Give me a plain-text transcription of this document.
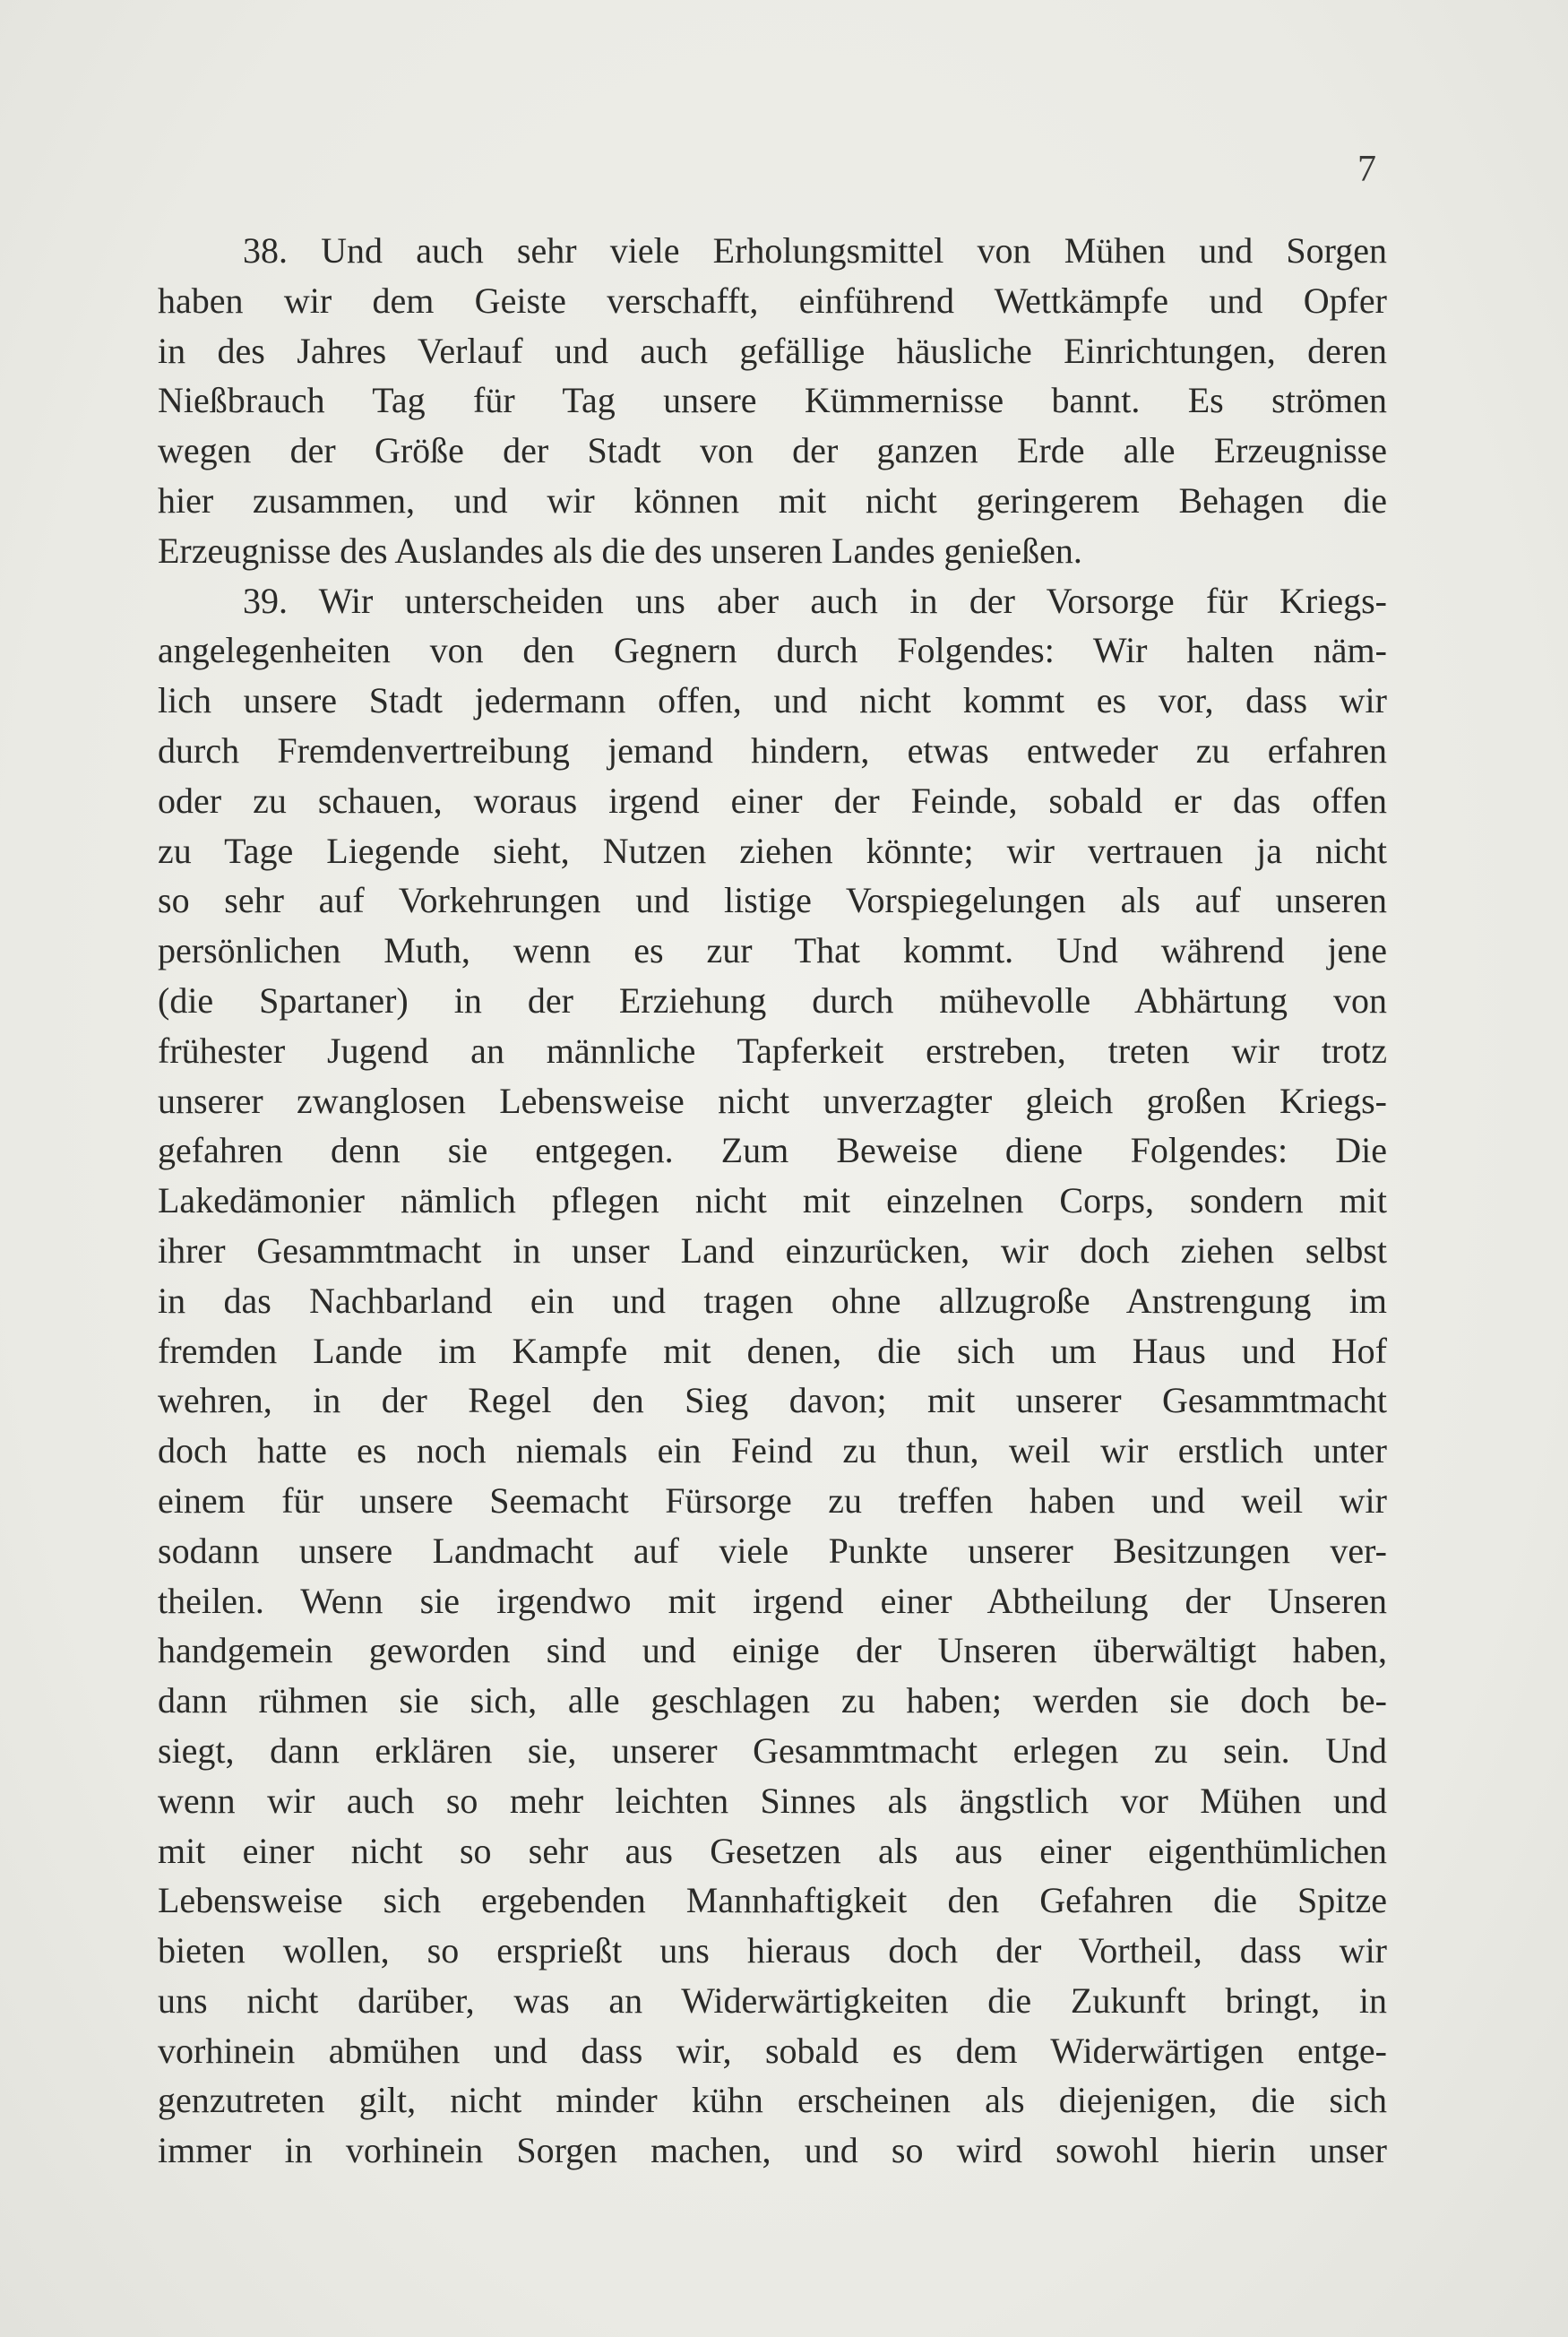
7
38. Und auch sehr viele Erholungsmittel von Mühen und Sorgen
haben wir dem Geiste verschafft, einführend Wettkämpfe und Opfer
in des Jahres Verlauf und auch gefällige häusliche Einrichtungen, deren
Nießbrauch Tag für Tag unsere Kümmernisse bannt. Es strömen
wegen der Größe der Stadt von der ganzen Erde alle Erzeugnisse
hier zusammen, und wir können mit nicht geringerem Behagen die
Erzeugnisse des Auslandes als die des unseren Landes genießen.
39. Wir unterscheiden uns aber auch in der Vorsorge für Kriegs-
angelegenheiten von den Gegnern durch Folgendes: Wir halten näm-
lich unsere Stadt jedermann offen, und nicht kommt es vor, dass wir
durch Fremdenvertreibung jemand hindern, etwas entweder zu erfahren
oder zu schauen, woraus irgend einer der Feinde, sobald er das offen
zu Tage Liegende sieht, Nutzen ziehen könnte; wir vertrauen ja nicht
so sehr auf Vorkehrungen und listige Vorspiegelungen als auf unseren
persönlichen Muth, wenn es zur That kommt. Und während jene
(die Spartaner) in der Erziehung durch mühevolle Abhärtung von
frühester Jugend an männliche Tapferkeit erstreben, treten wir trotz
unserer zwanglosen Lebensweise nicht unverzagter gleich großen Kriegs-
gefahren denn sie entgegen. Zum Beweise diene Folgendes: Die
Lakedämonier nämlich pflegen nicht mit einzelnen Corps, sondern mit
ihrer Gesammtmacht in unser Land einzurücken, wir doch ziehen selbst
in das Nachbarland ein und tragen ohne allzugroße Anstrengung im
fremden Lande im Kampfe mit denen, die sich um Haus und Hof
wehren, in der Regel den Sieg davon; mit unserer Gesammtmacht
doch hatte es noch niemals ein Feind zu thun, weil wir erstlich unter
einem für unsere Seemacht Fürsorge zu treffen haben und weil wir
sodann unsere Landmacht auf viele Punkte unserer Besitzungen ver-
theilen. Wenn sie irgendwo mit irgend einer Abtheilung der Unseren
handgemein geworden sind und einige der Unseren überwältigt haben,
dann rühmen sie sich, alle geschlagen zu haben; werden sie doch be-
siegt, dann erklären sie, unserer Gesammtmacht erlegen zu sein. Und
wenn wir auch so mehr leichten Sinnes als ängstlich vor Mühen und
mit einer nicht so sehr aus Gesetzen als aus einer eigenthümlichen
Lebensweise sich ergebenden Mannhaftigkeit den Gefahren die Spitze
bieten wollen, so ersprießt uns hieraus doch der Vortheil, dass wir
uns nicht darüber, was an Widerwärtigkeiten die Zukunft bringt, in
vorhinein abmühen und dass wir, sobald es dem Widerwärtigen entge-
genzutreten gilt, nicht minder kühn erscheinen als diejenigen, die sich
immer in vorhinein Sorgen machen, und so wird sowohl hierin unser
